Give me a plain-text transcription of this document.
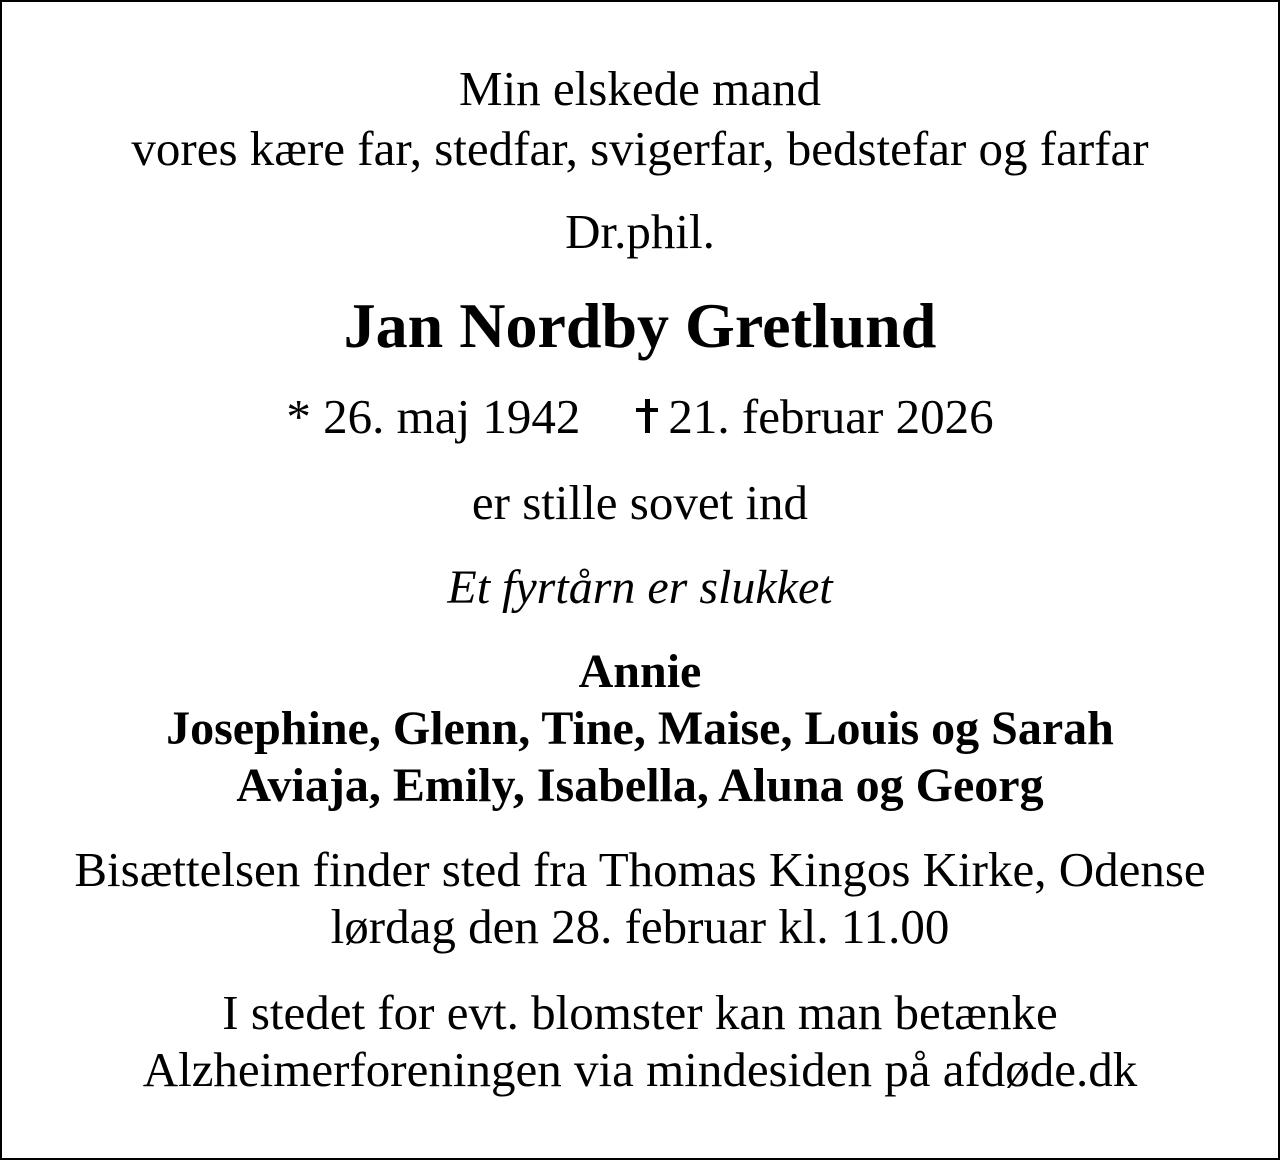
Min elskede mand
vores kære far, stedfar, svigerfar, bedstefar og farfar
Dr.phil.
Jan Nordby Gretlund
* 26. maj 1942 21. februar 2026
er stille sovet ind
Et fyrtårn er slukket
Annie
Josephine, Glenn, Tine, Maise, Louis og Sarah
Aviaja, Emily, Isabella, Aluna og Georg
Bisættelsen finder sted fra Thomas Kingos Kirke, Odense
lørdag den 28. februar kl. 11.00
I stedet for evt. blomster kan man betænke
Alzheimerforeningen via mindesiden på afdøde.dk
